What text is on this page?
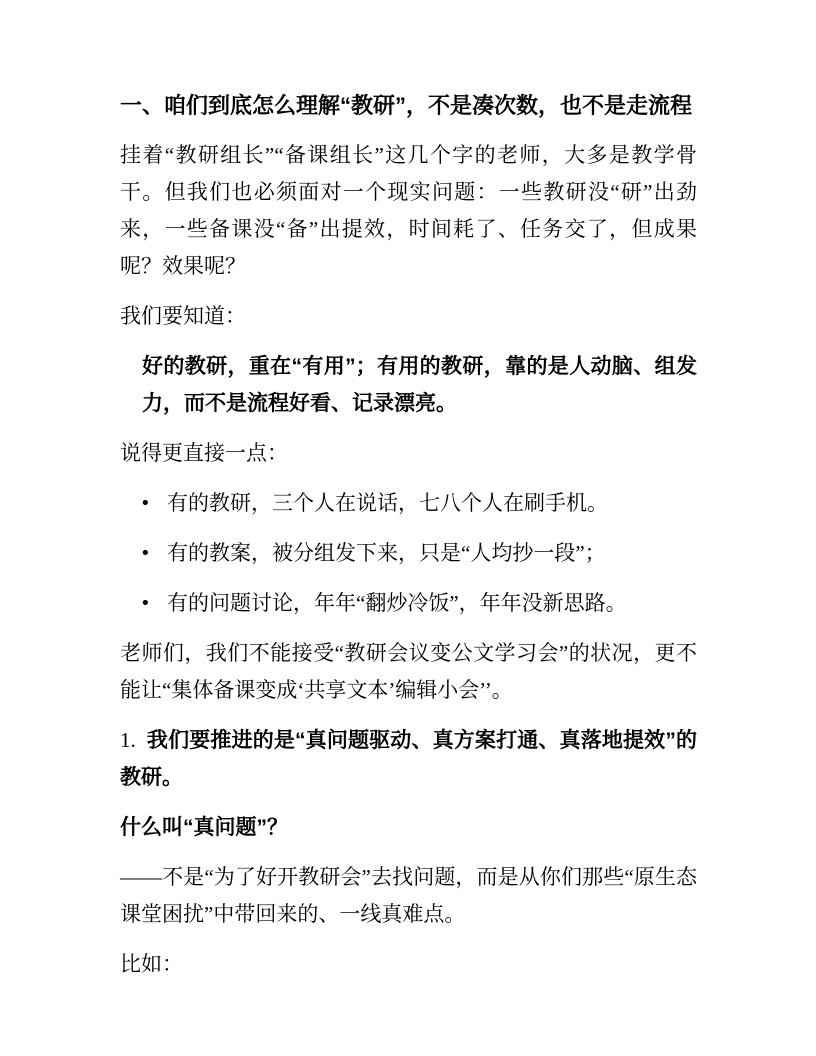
一、咱们到底怎么理解“教研”，不是凑次数，也不是走流程

挂着“教研组长”“备课组长”这几个字的老师，大多是教学骨干。但我们也必须面对一个现实问题：一些教研没“研”出劲来，一些备课没“备”出提效，时间耗了、任务交了，但成果呢？效果呢？

我们要知道：

好的教研，重在“有用”；有用的教研，靠的是人动脑、组发力，而不是流程好看、记录漂亮。

说得更直接一点：

• 有的教研，三个人在说话，七八个人在刷手机。
• 有的教案，被分组发下来，只是“人均抄一段”；
• 有的问题讨论，年年“翻炒冷饭”，年年没新思路。

老师们，我们不能接受“教研会议变公文学习会”的状况，更不能让“集体备课变成‘共享文本’编辑小会’’。

1. 我们要推进的是“真问题驱动、真方案打通、真落地提效”的教研。

什么叫“真问题”？

——不是“为了好开教研会”去找问题，而是从你们那些“原生态课堂困扰”中带回来的、一线真难点。

比如：
